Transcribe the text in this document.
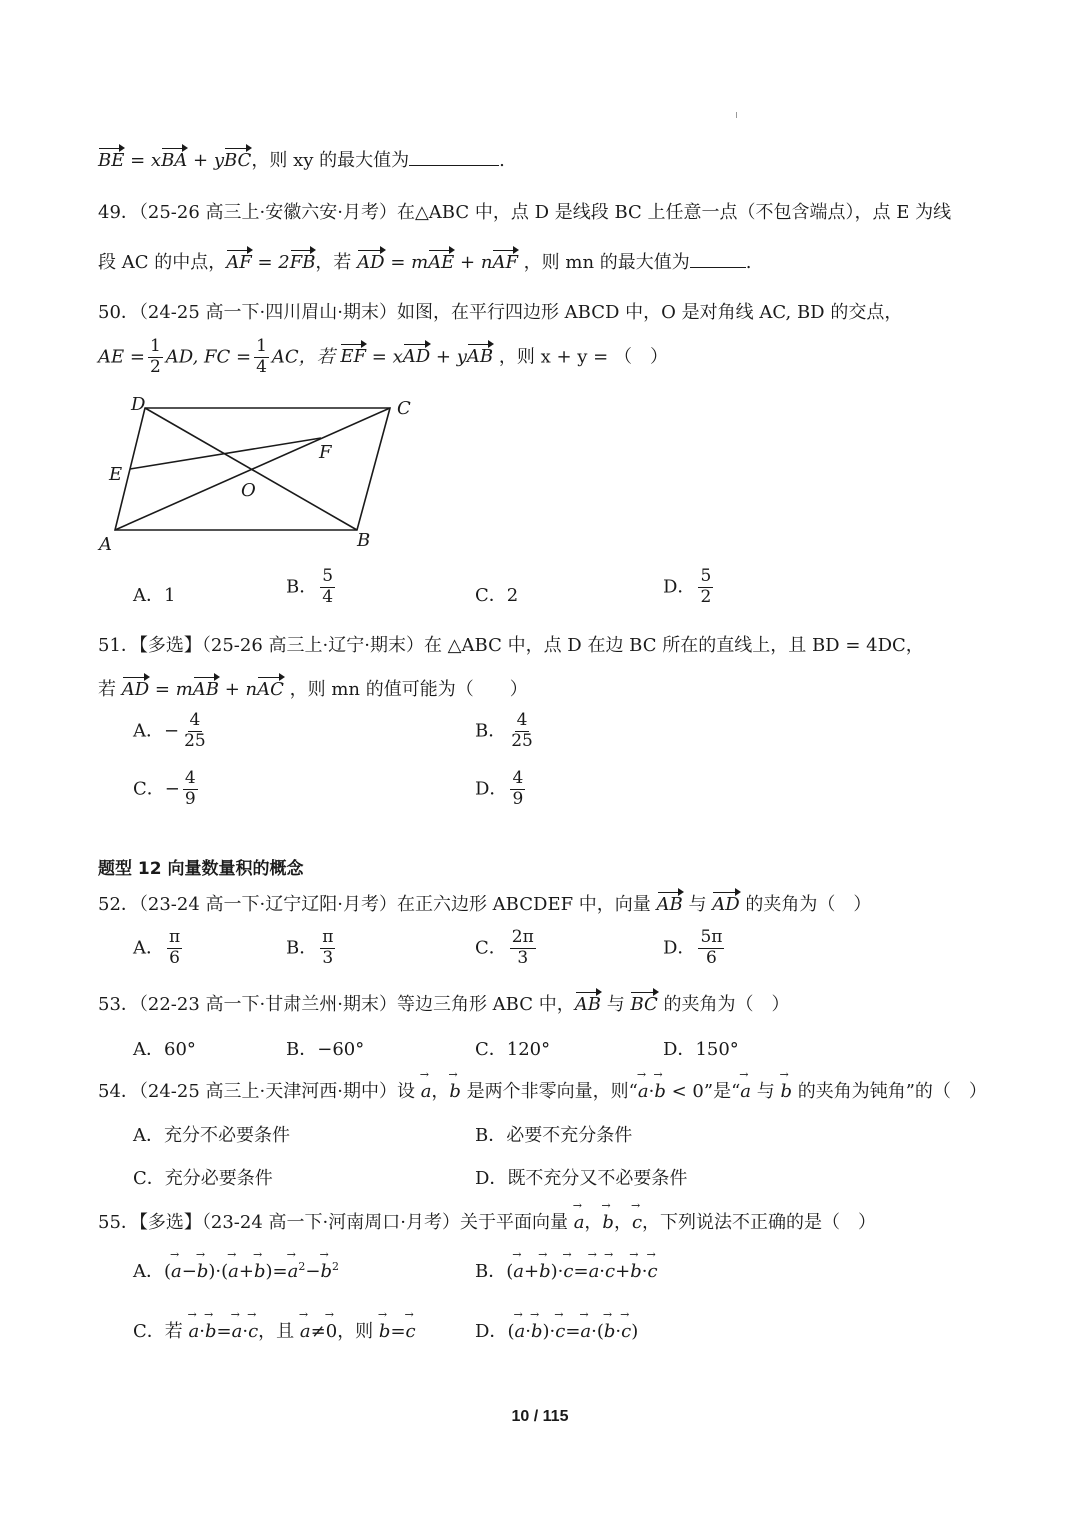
BE = xBA + yBC，则 xy 的最大值为	.
49．（25-26 高三上·安徽六安·月考）在△ABC 中，点 D 是线段 BC 上任意一点（不包含端点），点 E 为线
段 AC 的中点，AF = 2FB，若 AD = mAE + nAF ，则 mn 的最大值为	.
50．（24-25 高一下·四川眉山·期末）如图，在平行四边形 ABCD 中，O 是对角线 AC, BD 的交点，
AE = $\frac{1}{2}$ AD, FC = $\frac{1}{4}$ AC，若 EF = xAD + yAB ，则 x + y = （　）
D	C
E
F
O
A	B
A．1	B． $\frac{5}{4}$	C．2	D． $\frac{5}{2}$
51．【多选】（25-26 高三上·辽宁·期末）在 △ABC 中，点 D 在边 BC 所在的直线上，且 BD = 4DC，
若 AD = mAB + nAC ，则 mn 的值可能为（　　）
A．− $\frac{4}{25}$	B． $\frac{4}{25}$
C．− $\frac{4}{9}$	D． $\frac{4}{9}$
题型 12 向量数量积的概念
52．（23-24 高一下·辽宁辽阳·月考）在正六边形 ABCDEF 中，向量 AB 与 AD 的夹角为（　）
A． $\frac{\pi}{6}$	B． $\frac{\pi}{3}$	C． $\frac{2\pi}{3}$	D． $\frac{5\pi}{6}$
53．（22-23 高一下·甘肃兰州·期末）等边三角形 ABC 中，AB 与 BC 的夹角为（　）
A．60°	B．−60°	C．120°	D．150°
54．（24-25 高三上·天津河西·期中）设 a →，b → 是两个非零向量，则“a →·b → < 0”是“a → 与 b → 的夹角为钝角”的（　）
A．充分不必要条件	B．必要不充分条件
C．充分必要条件	D．既不充分又不必要条件
55．【多选】（23-24 高一下·河南周口·月考）关于平面向量 a →，b →，c →，下列说法不正确的是（　）
A．(a →−b →)·(a →+b →)=a →$^2$−b →$^2$	B．(a →+b →)·c →=a →·c →+b →·c →
C．若 a →·b →=a →·c →，且 a →≠0 →，则 b →=c →	D．(a →·b →)·c →=a →·(b →·c →)
10 / 115
